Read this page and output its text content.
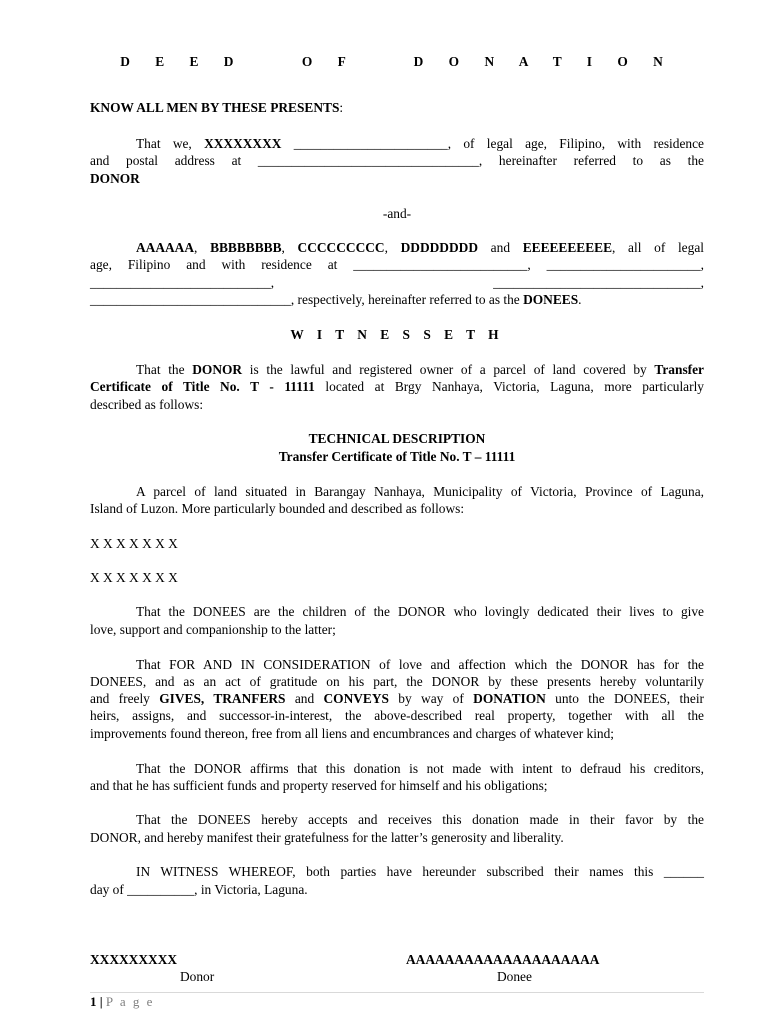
D E E D    O F    D O N A T I O N
KNOW ALL MEN BY THESE PRESENTS:
That we, XXXXXXXX _______________________, of legal age, Filipino, with residence
and postal address at _________________________________, hereinafter referred to as the
DONOR
-and-
AAAAAA, BBBBBBBB, CCCCCCCCC, DDDDDDDD and EEEEEEEEEE, all of legal
age, Filipino and with residence at __________________________, _______________________,
___________________________,	_______________________________,
______________________________, respectively, hereinafter referred to as the DONEES.
W I T N E S S E T H
That the DONOR is the lawful and registered owner of a parcel of land covered by Transfer
Certificate of Title No. T - 11111 located at Brgy Nanhaya, Victoria, Laguna, more particularly
described as follows:
TECHNICAL DESCRIPTION
Transfer Certificate of Title No. T – 11111
A parcel of land situated in Barangay Nanhaya, Municipality of Victoria, Province of Laguna,
Island of Luzon. More particularly bounded and described as follows:
X X X X X X X
X X X X X X X
That the DONEES are the children of the DONOR who lovingly dedicated their lives to give
love, support and companionship to the latter;
That FOR AND IN CONSIDERATION of love and affection which the DONOR has for the
DONEES, and as an act of gratitude on his part, the DONOR by these presents hereby voluntarily
and freely GIVES, TRANFERS and CONVEYS by way of DONATION unto the DONEES, their
heirs, assigns, and successor-in-interest, the above-described real property, together with all the
improvements found thereon, free from all liens and encumbrances and charges of whatever kind;
That the DONOR affirms that this donation is not made with intent to defraud his creditors,
and that he has sufficient funds and property reserved for himself and his obligations;
That the DONEES hereby accepts and receives this donation made in their favor by the
DONOR, and hereby manifest their gratefulness for the latter’s generosity and liberality.
IN WITNESS WHEREOF, both parties have hereunder subscribed their names this ______
day of __________, in Victoria, Laguna.
XXXXXXXXX
Donor
AAAAAAAAAAAAAAAAAAAA
Donee
1 | P a g e
